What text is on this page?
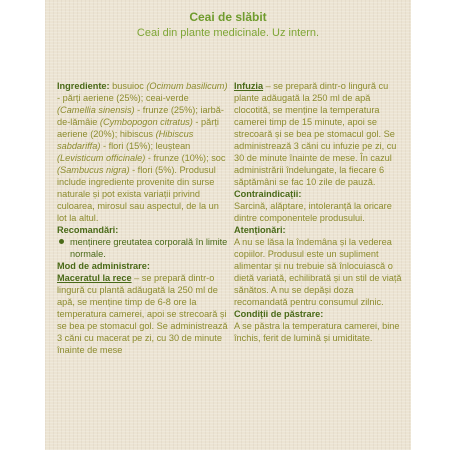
Ceai de slăbit
Ceai din plante medicinale. Uz intern.

Ingrediente: busuioc (Ocimum basilicum) - părți aeriene (25%); ceai-verde (Camellia sinensis) - frunze (25%); iarbă-de-lămâie (Cymbopogon citratus) - părți aeriene (20%); hibiscus (Hibiscus sabdariffa) - flori (15%); leuștean (Levisticum officinale) - frunze (10%); soc (Sambucus nigra) - flori (5%). Produsul include ingrediente provenite din surse naturale și pot exista variații privind culoarea, mirosul sau aspectul, de la un lot la altul.

Recomandări:

menținere greutatea corporală în limite normale.

Mod de administrare:

Maceratul la rece – se prepară dintr-o lingură cu plantă adăugată la 250 ml de apă, se menține timp de 6-8 ore la temperatura camerei, apoi se strecoară și se bea pe stomacul gol. Se administrează 3 căni cu macerat pe zi, cu 30 de minute înainte de mese

Infuzia – se prepară dintr-o lingură cu plante adăugată la 250 ml de apă clocotită, se menține la temperatura camerei timp de 15 minute, apoi se strecoară și se bea pe stomacul gol. Se administrează 3 căni cu infuzie pe zi, cu 30 de minute înainte de mese. În cazul administrării îndelungate, la fiecare 6 săptămâni se fac 10 zile de pauză.

Contraindicații:

Sarcină, alăptare, intoleranță la oricare dintre componentele produsului.

Atenționări:

A nu se lăsa la îndemâna și la vederea copiilor. Produsul este un supliment alimentar și nu trebuie să înlocuiască o dietă variată, echilibrată și un stil de viață sănătos. A nu se depăși doza recomandată pentru consumul zilnic.

Condiții de păstrare:

A se păstra la temperatura camerei, bine închis, ferit de lumină și umiditate.
